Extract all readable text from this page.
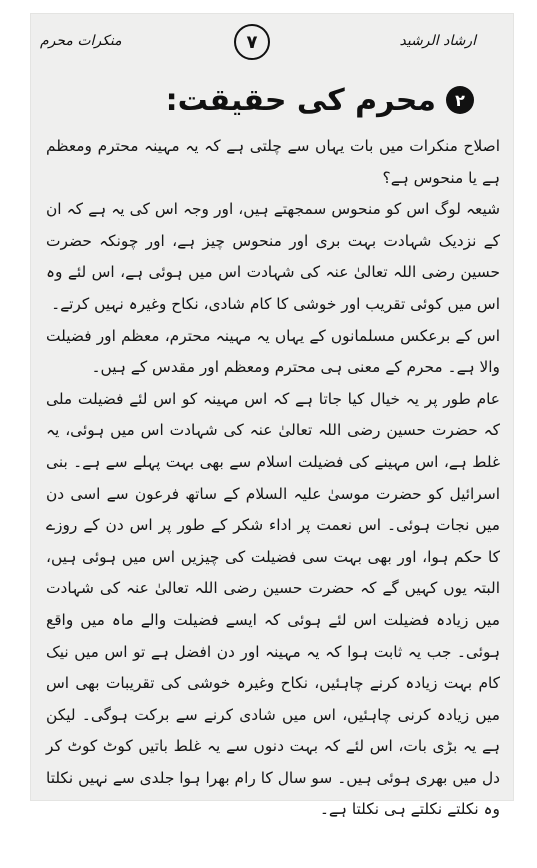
ارشاد الرشید
۷
منکرات محرم
۲
محرم کی حقیقت:

اصلاح منکرات میں بات یہاں سے چلتی ہے کہ یہ مہینہ محترم ومعظم ہے یا منحوس ہے؟

شیعہ لوگ اس کو منحوس سمجھتے ہیں، اور وجہ اس کی یہ ہے کہ ان کے نزدیک شہادت بہت بری اور منحوس چیز ہے، اور چونکہ حضرت حسین رضی اللہ تعالیٰ عنہ کی شہادت اس میں ہوئی ہے، اس لئے وہ اس میں کوئی تقریب اور خوشی کا کام شادی، نکاح وغیرہ نہیں کرتے۔

اس کے برعکس مسلمانوں کے یہاں یہ مہینہ محترم، معظم اور فضیلت والا ہے۔ محرم کے معنی ہی محترم ومعظم اور مقدس کے ہیں۔

عام طور پر یہ خیال کیا جاتا ہے کہ اس مہینہ کو اس لئے فضیلت ملی کہ حضرت حسین رضی اللہ تعالیٰ عنہ کی شہادت اس میں ہوئی، یہ غلط ہے، اس مہینے کی فضیلت اسلام سے بھی بہت پہلے سے ہے۔ بنی اسرائیل کو حضرت موسیٰ علیہ السلام کے ساتھ فرعون سے اسی دن میں نجات ہوئی۔ اس نعمت پر اداء شکر کے طور پر اس دن کے روزے کا حکم ہوا، اور بھی بہت سی فضیلت کی چیزیں اس میں ہوئی ہیں، البتہ یوں کہیں گے کہ حضرت حسین رضی اللہ تعالیٰ عنہ کی شہادت میں زیادہ فضیلت اس لئے ہوئی کہ ایسے فضیلت والے ماہ میں واقع ہوئی۔ جب یہ ثابت ہوا کہ یہ مہینہ اور دن افضل ہے تو اس میں نیک کام بہت زیادہ کرنے چاہئیں، نکاح وغیرہ خوشی کی تقریبات بھی اس میں زیادہ کرنی چاہئیں، اس میں شادی کرنے سے برکت ہوگی۔ لیکن ہے یہ بڑی بات، اس لئے کہ بہت دنوں سے یہ غلط باتیں کوٹ کوٹ کر دل میں بھری ہوئی ہیں۔ سو سال کا رام بھرا ہوا جلدی سے نہیں نکلتا وہ نکلتے نکلتے ہی نکلتا ہے۔
